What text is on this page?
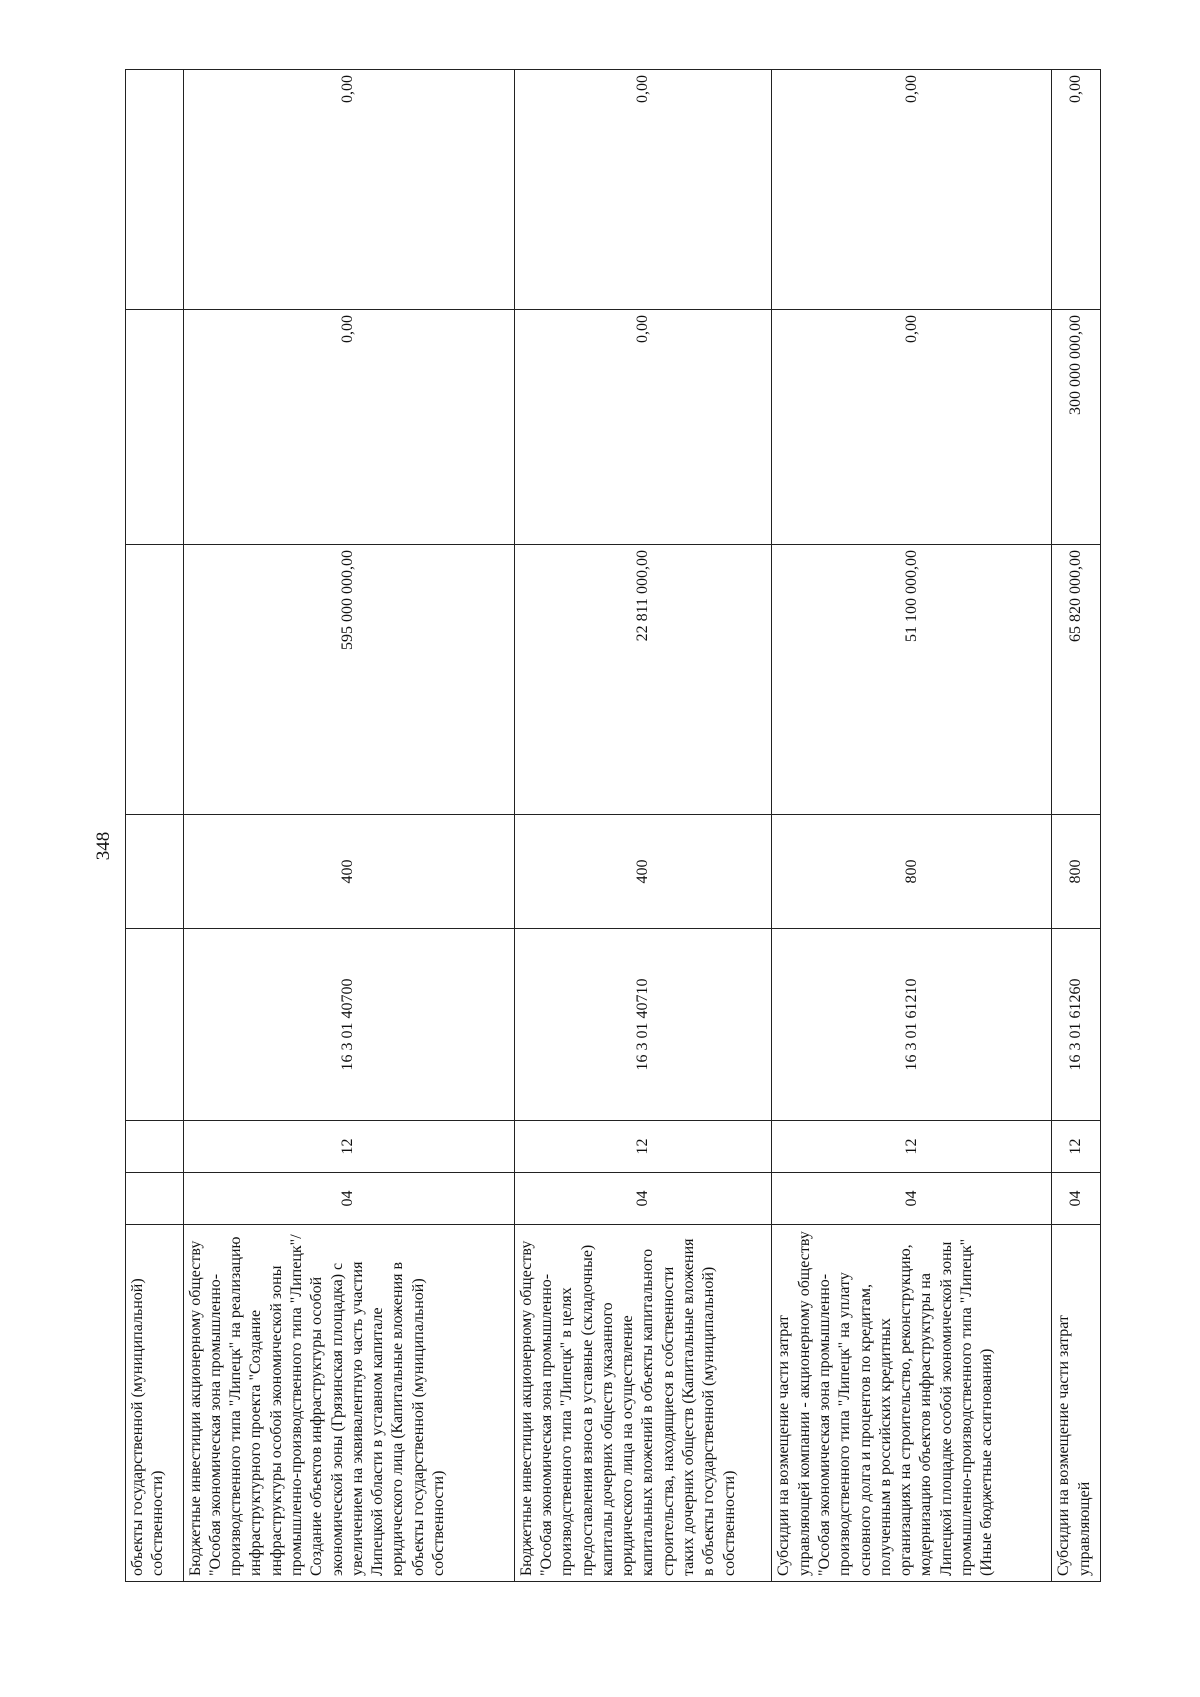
348
объекты государственной (муниципальной) собственности)							
Бюджетные инвестиции акционерному обществу "Особая экономическая зона промышленно-производственного типа "Липецк" на реализацию инфраструктурного проекта "Создание инфраструктуры особой экономической зоны промышленно-производственного типа "Липецк"/Создание объектов инфраструктуры особой экономической зоны (Грязинская площадка) с увеличением на эквивалентную часть участия Липецкой области в уставном капитале юридического лица (Капитальные вложения в объекты государственной (муниципальной) собственности)	04	12	16 3 01 40700	400	595 000 000,00	0,00	0,00
Бюджетные инвестиции акционерному обществу "Особая экономическая зона промышленно-производственного типа "Липецк" в целях предоставления взноса в уставные (складочные) капиталы дочерних обществ указанного юридического лица на осуществление капитальных вложений в объекты капитального строительства, находящиеся в собственности таких дочерних обществ (Капитальные вложения в объекты государственной (муниципальной) собственности)	04	12	16 3 01 40710	400	22 811 000,00	0,00	0,00
Субсидии на возмещение части затрат управляющей компании - акционерному обществу "Особая экономическая зона промышленно-производственного типа "Липецк" на уплату основного долга и процентов по кредитам, полученным в российских кредитных организациях на строительство, реконструкцию, модернизацию объектов инфраструктуры на Липецкой площадке особой экономической зоны промышленно-производственного типа "Липецк" (Иные бюджетные ассигнования)	04	12	16 3 01 61210	800	51 100 000,00	0,00	0,00
Субсидии на возмещение части затрат управляющей	04	12	16 3 01 61260	800	65 820 000,00	300 000 000,00	0,00
